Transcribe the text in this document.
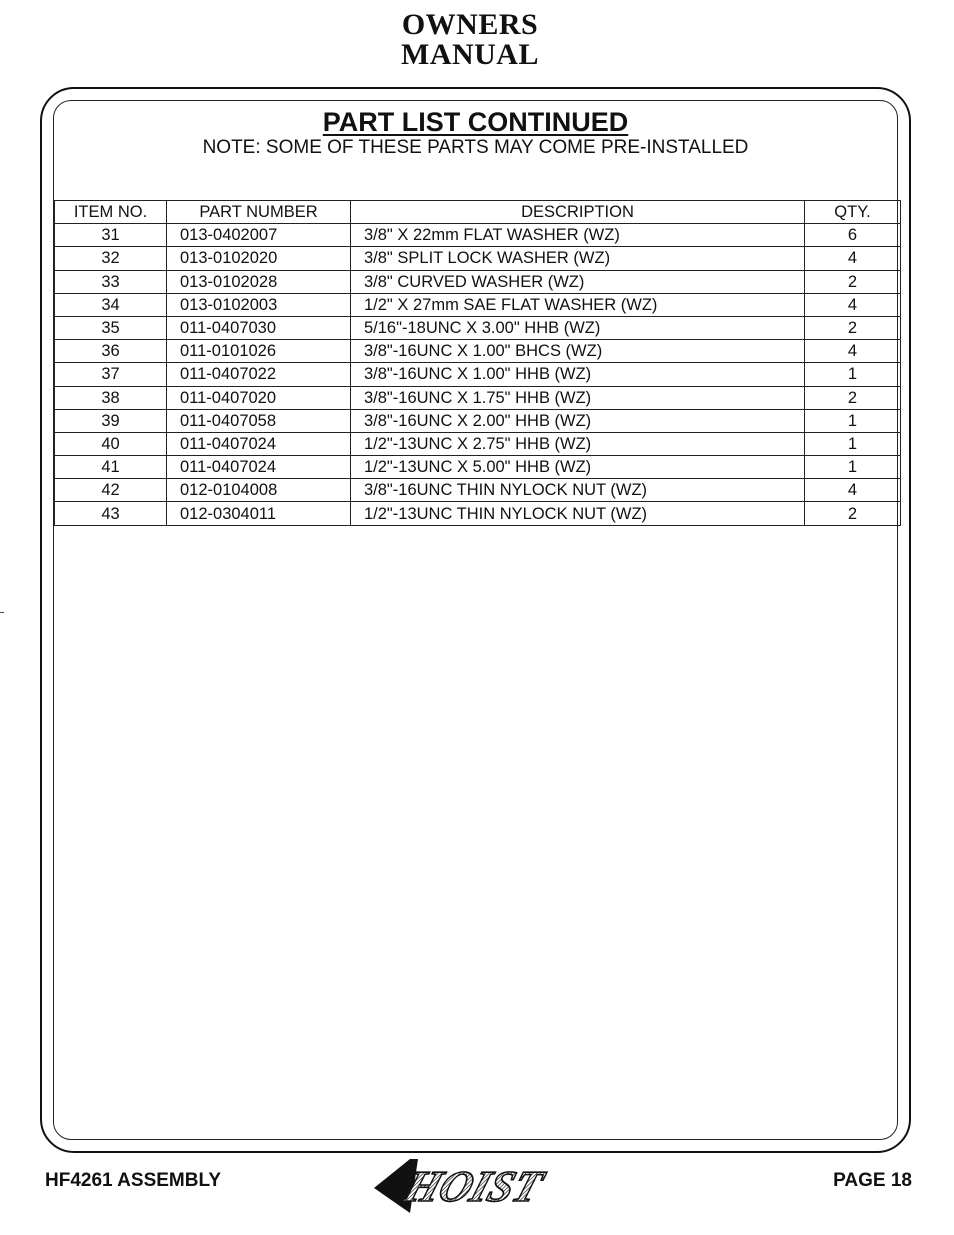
OWNERS
MANUAL
PART LIST CONTINUED
NOTE: SOME OF THESE PARTS MAY COME PRE-INSTALLED
ITEM NO.	PART NUMBER	DESCRIPTION	QTY.
31	013-0402007	3/8" X 22mm FLAT WASHER (WZ)	6
32	013-0102020	3/8" SPLIT LOCK WASHER (WZ)	4
33	013-0102028	3/8" CURVED WASHER (WZ)	2
34	013-0102003	1/2" X 27mm SAE FLAT WASHER (WZ)	4
35	011-0407030	5/16"-18UNC X 3.00" HHB (WZ)	2
36	011-0101026	3/8"-16UNC X 1.00" BHCS (WZ)	4
37	011-0407022	3/8"-16UNC X 1.00" HHB (WZ)	1
38	011-0407020	3/8"-16UNC X 1.75" HHB (WZ)	2
39	011-0407058	3/8"-16UNC X 2.00" HHB (WZ)	1
40	011-0407024	1/2"-13UNC X 2.75" HHB (WZ)	1
41	011-0407024	1/2"-13UNC X 5.00" HHB (WZ)	1
42	012-0104008	3/8"-16UNC THIN NYLOCK NUT (WZ)	4
43	012-0304011	1/2"-13UNC THIN NYLOCK NUT (WZ)	2
HF4261 ASSEMBLY	PAGE 18
HOIST
